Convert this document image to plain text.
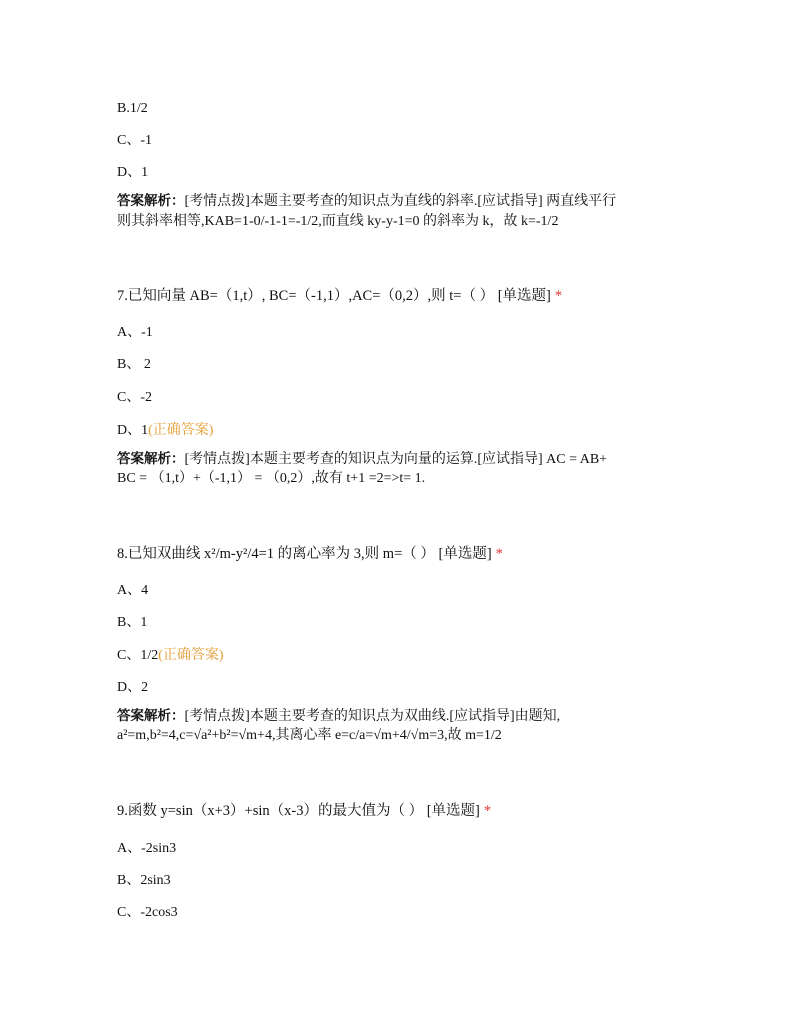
B.1/2
C、-1
D、1
答案解析：[考情点拨]本题主要考查的知识点为直线的斜率.[应试指导] 两直线平行
则其斜率相等,KAB=1-0/-1-1=-1/2,而直线 ky-y-1=0 的斜率为 k，故 k=-1/2
7.已知向量 AB=（1,t）, BC=（-1,1）,AC=（0,2）,则 t=（ ） [单选题] *
A、-1
B、 2
C、-2
D、1(正确答案)
答案解析：[考情点拨]本题主要考查的知识点为向量的运算.[应试指导] AC = AB+
BC = （1,t）+（-1,1） = （0,2）,故有 t+1 =2=>t= 1.
8.已知双曲线 x²/m-y²/4=1 的离心率为 3,则 m=（ ） [单选题] *
A、4
B、1
C、1/2(正确答案)
D、2
答案解析：[考情点拨]本题主要考查的知识点为双曲线.[应试指导]由题知,
a²=m,b²=4,c=√a²+b²=√m+4,其离心率 e=c/a=√m+4/√m=3,故 m=1/2
9.函数 y=sin（x+3）+sin（x-3）的最大值为（ ） [单选题] *
A、-2sin3
B、2sin3
C、-2cos3
